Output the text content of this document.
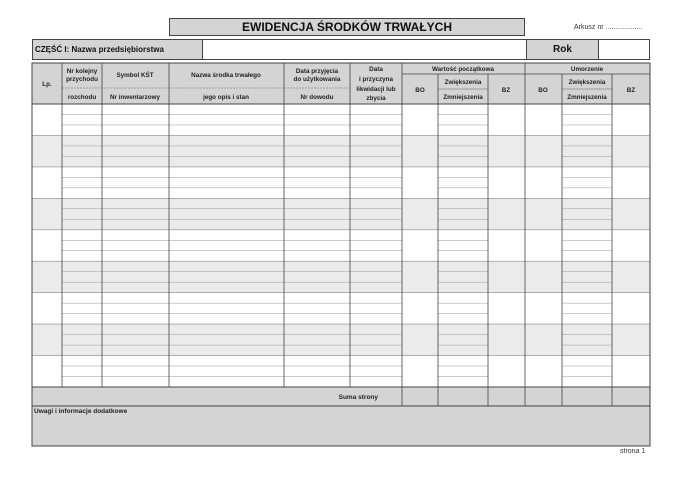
EWIDENCJA ŚRODKÓW TRWAŁYCH	Arkusz nr ...................
CZĘŚĆ I: Nazwa przedsiębiorstwa	Rok
Lp.
Nr kolejny
przychodu
rozchodu
Symbol KŚT
Nr inwentarzowy
Nazwa środka trwałego
jego opis i stan
Data przyjęcia
do użytkowania
Nr dowodu
Data
i przyczyna
likwidacji lub
zbycia
Wartość początkowa
BO
Zwiększenia
Zmniejszenia
BZ
Umorzenie
BO
Zwiększenia
Zmniejszenia
BZ
Suma strony
Uwagi i informacje dodatkowe
strona 1
